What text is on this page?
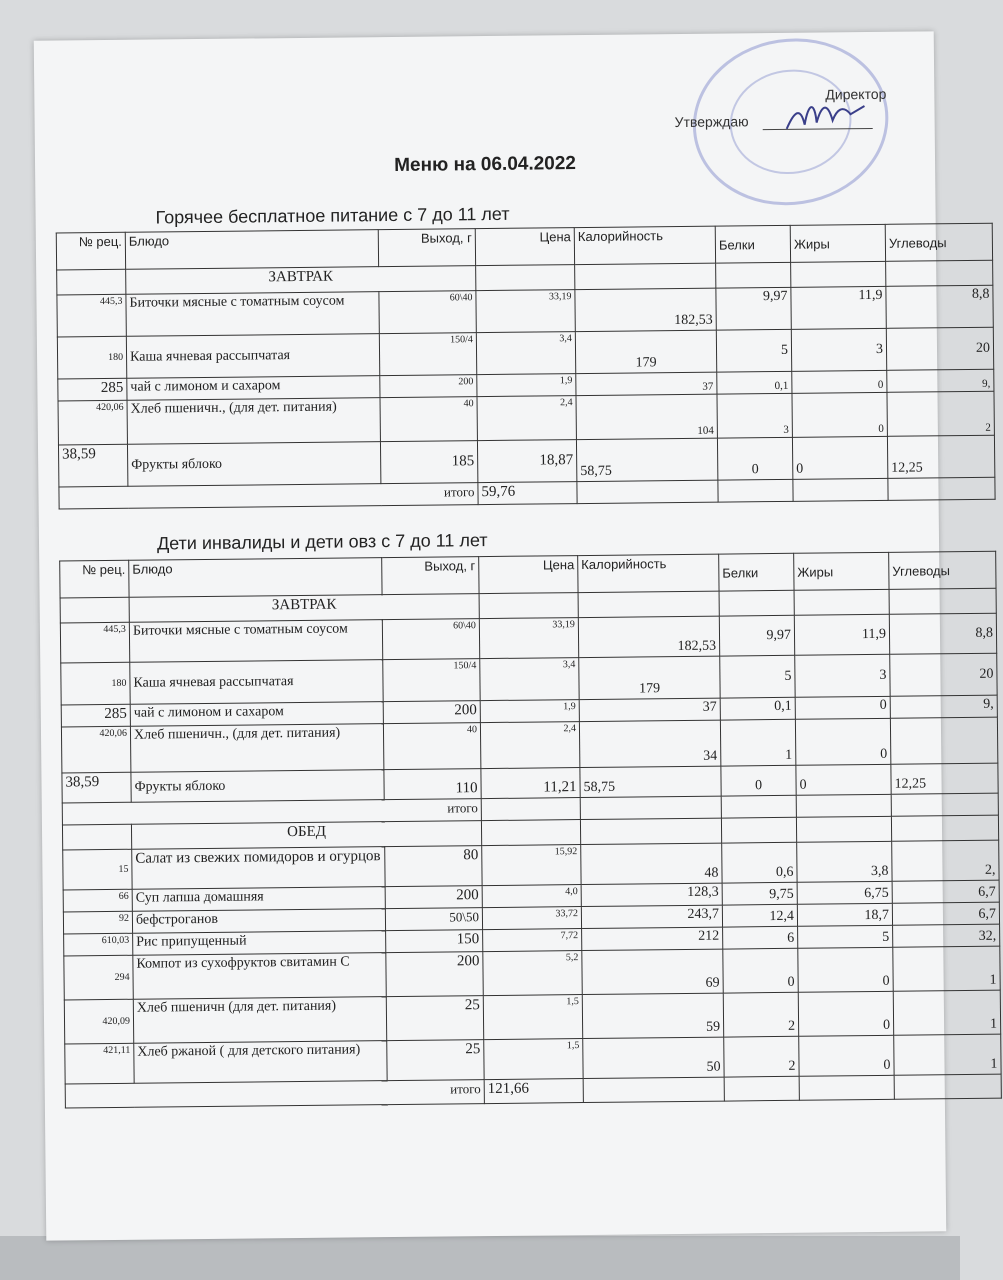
Директор
Утверждаю
Меню на 06.04.2022
Горячее бесплатное питание с 7 до 11 лет
№ рец.	Блюдо	Выход, г	Цена	Калорийность	Белки	Жиры	Углеводы
	ЗАВТРАК						
445,3	Биточки мясные с томатным соусом	60\40	33,19	182,53	9,97	11,9	8,8
180	Каша ячневая рассыпчатая	150/4	3,4	179	5	3	20
285	чай с лимоном и сахаром	200	1,9	37	0,1	0	9,
420,06	Хлеб пшеничн., (для дет. питания)	40	2,4	104	3	0	2
38,59	Фрукты яблоко	185	18,87	58,75	0	0	12,25
итого			59,76				
Дети инвалиды и дети овз с 7 до 11 лет
№ рец.	Блюдо	Выход, г	Цена	Калорийность	Белки	Жиры	Углеводы
	ЗАВТРАК						
445,3	Биточки мясные с томатным соусом	60\40	33,19	182,53	9,97	11,9	8,8
180	Каша ячневая рассыпчатая	150/4	3,4	179	5	3	20
285	чай с лимоном и сахаром	200	1,9	37	0,1	0	9,
420,06	Хлеб пшеничн., (для дет. питания)	40	2,4	34	1	0	
38,59	Фрукты яблоко	110	11,21	58,75	0	0	12,25
итого							
	ОБЕД						
15	Салат из свежих помидоров и огурцов	80	15,92	48	0,6	3,8	2,
66	Суп лапша домашняя	200	4,0	128,3	9,75	6,75	6,7
92	бефстроганов	50\50	33,72	243,7	12,4	18,7	6,7
610,03	Рис припущенный	150	7,72	212	6	5	32,
294	Компот из сухофруктов свитамин С	200	5,2	69	0	0	1
420,09	Хлеб пшеничн (для дет. питания)	25	1,5	59	2	0	1
421,11	Хлеб ржаной ( для детского питания)	25	1,5	50	2	0	1
итого			121,66				
